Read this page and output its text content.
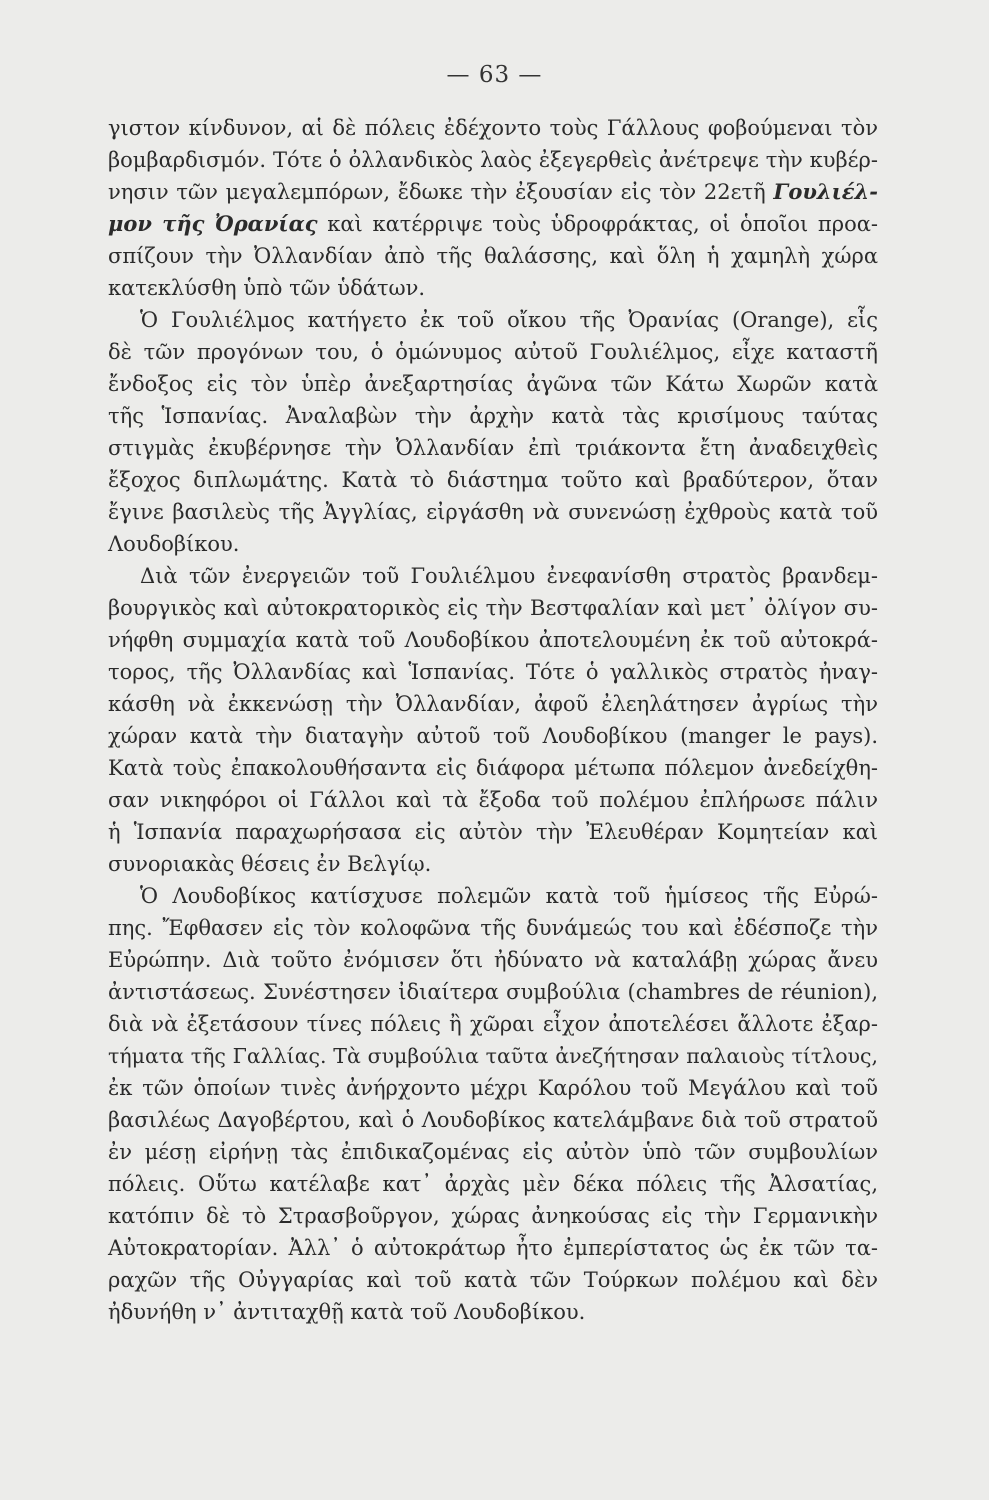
— 63 —
γιστον κίνδυνον, αἱ δὲ πόλεις ἐδέχοντο τοὺς Γάλλους φοβούμεναι τὸν
βομβαρδισμόν. Τότε ὁ ὀλλανδικὸς λαὸς ἐξεγερθεὶς ἀνέτρεψε τὴν κυβέρ-
νησιν τῶν μεγαλεμπόρων, ἔδωκε τὴν ἐξουσίαν εἰς τὸν 22ετῆ Γουλιέλ-
μον τῆς Ὀρανίας καὶ κατέρριψε τοὺς ὑδροφράκτας, οἱ ὁποῖοι προα-
σπίζουν τὴν Ὀλλανδίαν ἀπὸ τῆς θαλάσσης, καὶ ὅλη ἡ χαμηλὴ χώρα
κατεκλύσθη ὑπὸ τῶν ὑδάτων.
Ὁ Γουλιέλμος κατήγετο ἐκ τοῦ οἴκου τῆς Ὀρανίας (Orange), εἷς
δὲ τῶν προγόνων του, ὁ ὁμώνυμος αὐτοῦ Γουλιέλμος, εἶχε καταστῆ
ἔνδοξος εἰς τὸν ὑπὲρ ἀνεξαρτησίας ἀγῶνα τῶν Κάτω Χωρῶν κατὰ
τῆς Ἱσπανίας. Ἀναλαβὼν τὴν ἀρχὴν κατὰ τὰς κρισίμους ταύτας
στιγμὰς ἐκυβέρνησε τὴν Ὀλλανδίαν ἐπὶ τριάκοντα ἔτη ἀναδειχθεὶς
ἔξοχος διπλωμάτης. Κατὰ τὸ διάστημα τοῦτο καὶ βραδύτερον, ὅταν
ἔγινε βασιλεὺς τῆς Ἀγγλίας, εἰργάσθη νὰ συνενώσῃ ἐχθροὺς κατὰ τοῦ
Λουδοβίκου.
Διὰ τῶν ἐνεργειῶν τοῦ Γουλιέλμου ἐνεφανίσθη στρατὸς βρανδεμ-
βουργικὸς καὶ αὐτοκρατορικὸς εἰς τὴν Βεστφαλίαν καὶ μετ᾽ ὀλίγον συ-
νήφθη συμμαχία κατὰ τοῦ Λουδοβίκου ἀποτελουμένη ἐκ τοῦ αὐτοκρά-
τορος, τῆς Ὀλλανδίας καὶ Ἱσπανίας. Τότε ὁ γαλλικὸς στρατὸς ἠναγ-
κάσθη νὰ ἐκκενώσῃ τὴν Ὀλλανδίαν, ἀφοῦ ἐλεηλάτησεν ἀγρίως τὴν
χώραν κατὰ τὴν διαταγὴν αὐτοῦ τοῦ Λουδοβίκου (manger le pays).
Κατὰ τοὺς ἐπακολουθήσαντα εἰς διάφορα μέτωπα πόλεμον ἀνεδείχθη-
σαν νικηφόροι οἱ Γάλλοι καὶ τὰ ἔξοδα τοῦ πολέμου ἐπλήρωσε πάλιν
ἡ Ἱσπανία παραχωρήσασα εἰς αὐτὸν τὴν Ἐλευθέραν Κομητείαν καὶ
συνοριακὰς θέσεις ἐν Βελγίῳ.
Ὁ Λουδοβίκος κατίσχυσε πολεμῶν κατὰ τοῦ ἡμίσεος τῆς Εὐρώ-
πης. Ἔφθασεν εἰς τὸν κολοφῶνα τῆς δυνάμεώς του καὶ ἐδέσποζε τὴν
Εὐρώπην. Διὰ τοῦτο ἐνόμισεν ὅτι ἠδύνατο νὰ καταλάβῃ χώρας ἄνευ
ἀντιστάσεως. Συνέστησεν ἰδιαίτερα συμβούλια (chambres de réunion),
διὰ νὰ ἐξετάσουν τίνες πόλεις ἢ χῶραι εἶχον ἀποτελέσει ἄλλοτε ἐξαρ-
τήματα τῆς Γαλλίας. Τὰ συμβούλια ταῦτα ἀνεζήτησαν παλαιοὺς τίτλους,
ἐκ τῶν ὁποίων τινὲς ἀνήρχοντο μέχρι Καρόλου τοῦ Μεγάλου καὶ τοῦ
βασιλέως Δαγοβέρτου, καὶ ὁ Λουδοβίκος κατελάμβανε διὰ τοῦ στρατοῦ
ἐν μέσῃ εἰρήνῃ τὰς ἐπιδικαζομένας εἰς αὐτὸν ὑπὸ τῶν συμβουλίων
πόλεις. Οὕτω κατέλαβε κατ᾽ ἀρχὰς μὲν δέκα πόλεις τῆς Ἀλσατίας,
κατόπιν δὲ τὸ Στρασβοῦργον, χώρας ἀνηκούσας εἰς τὴν Γερμανικὴν
Αὐτοκρατορίαν. Ἀλλ᾽ ὁ αὐτοκράτωρ ἦτο ἐμπερίστατος ὡς ἐκ τῶν τα-
ραχῶν τῆς Οὐγγαρίας καὶ τοῦ κατὰ τῶν Τούρκων πολέμου καὶ δὲν
ἠδυνήθη ν᾽ ἀντιταχθῇ κατὰ τοῦ Λουδοβίκου.
